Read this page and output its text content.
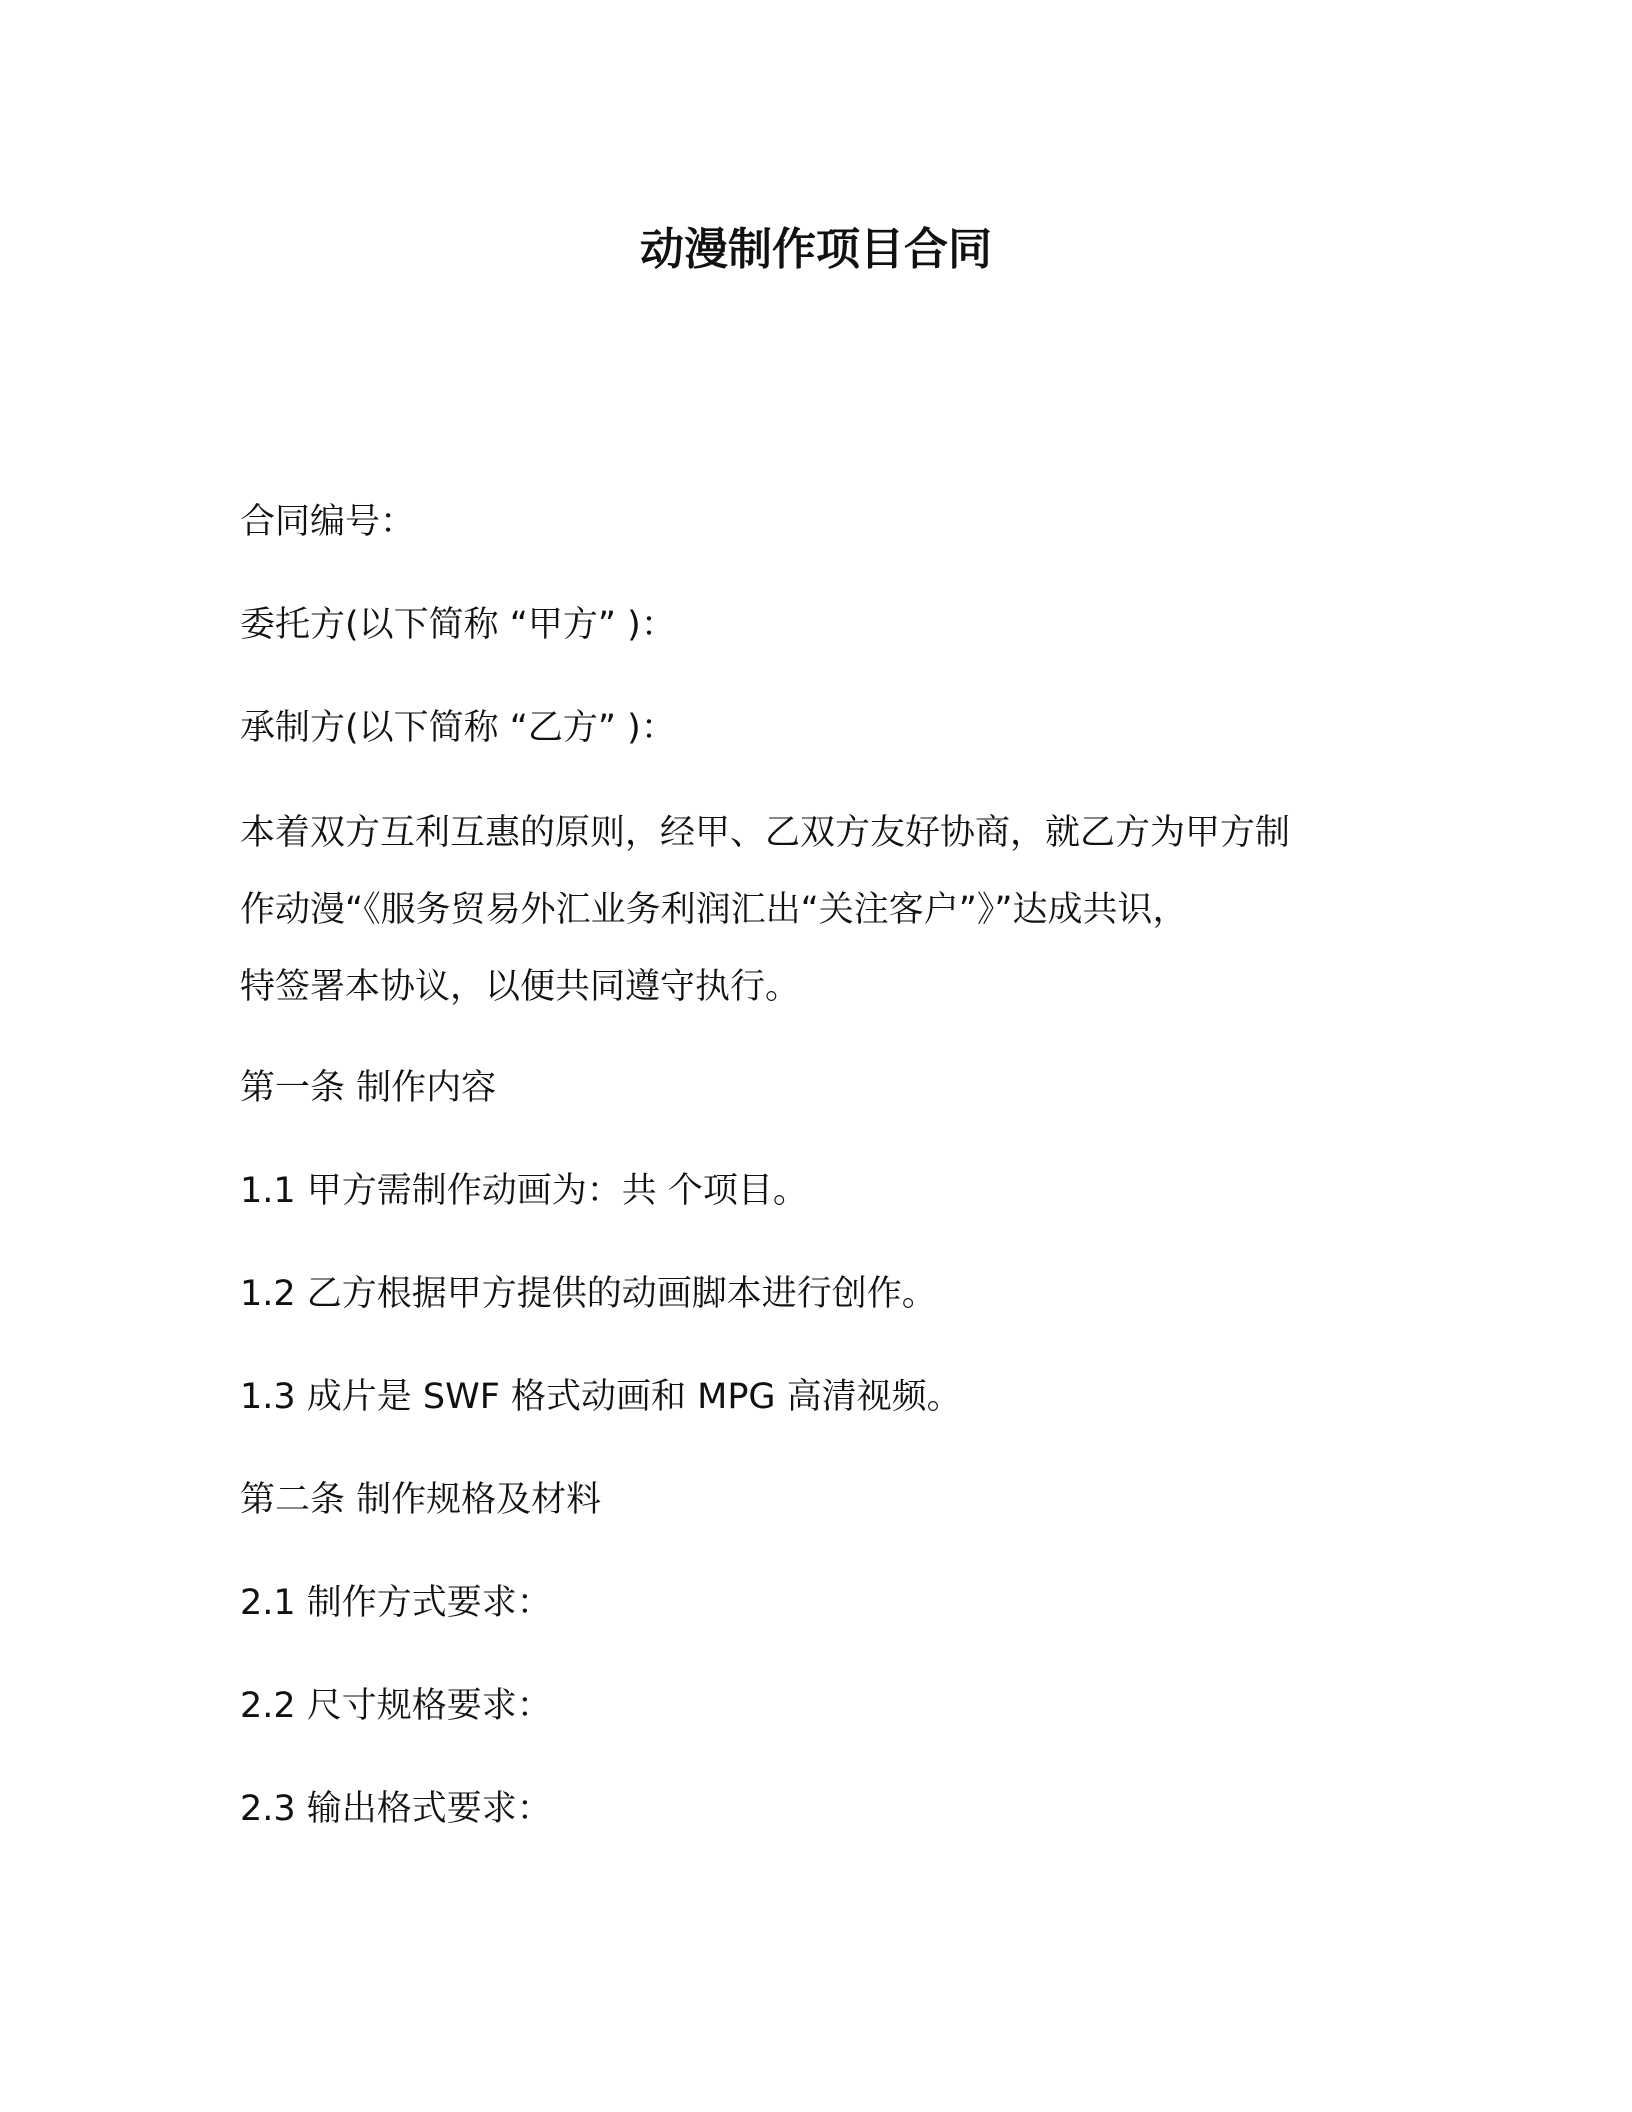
动漫制作项目合同
合同编号：
委托方(以下简称 “甲方” )：
承制方(以下简称 “乙方” )：
本着双方互利互惠的原则，经甲、乙双方友好协商，就乙方为甲方制
作动漫“《服务贸易外汇业务利润汇出“关注客户”》”达成共识，
特签署本协议，以便共同遵守执行。
第一条 制作内容
1.1 甲方需制作动画为：共 个项目。
1.2 乙方根据甲方提供的动画脚本进行创作。
1.3 成片是 SWF 格式动画和 MPG 高清视频。
第二条 制作规格及材料
2.1 制作方式要求：
2.2 尺寸规格要求：
2.3 输出格式要求：
